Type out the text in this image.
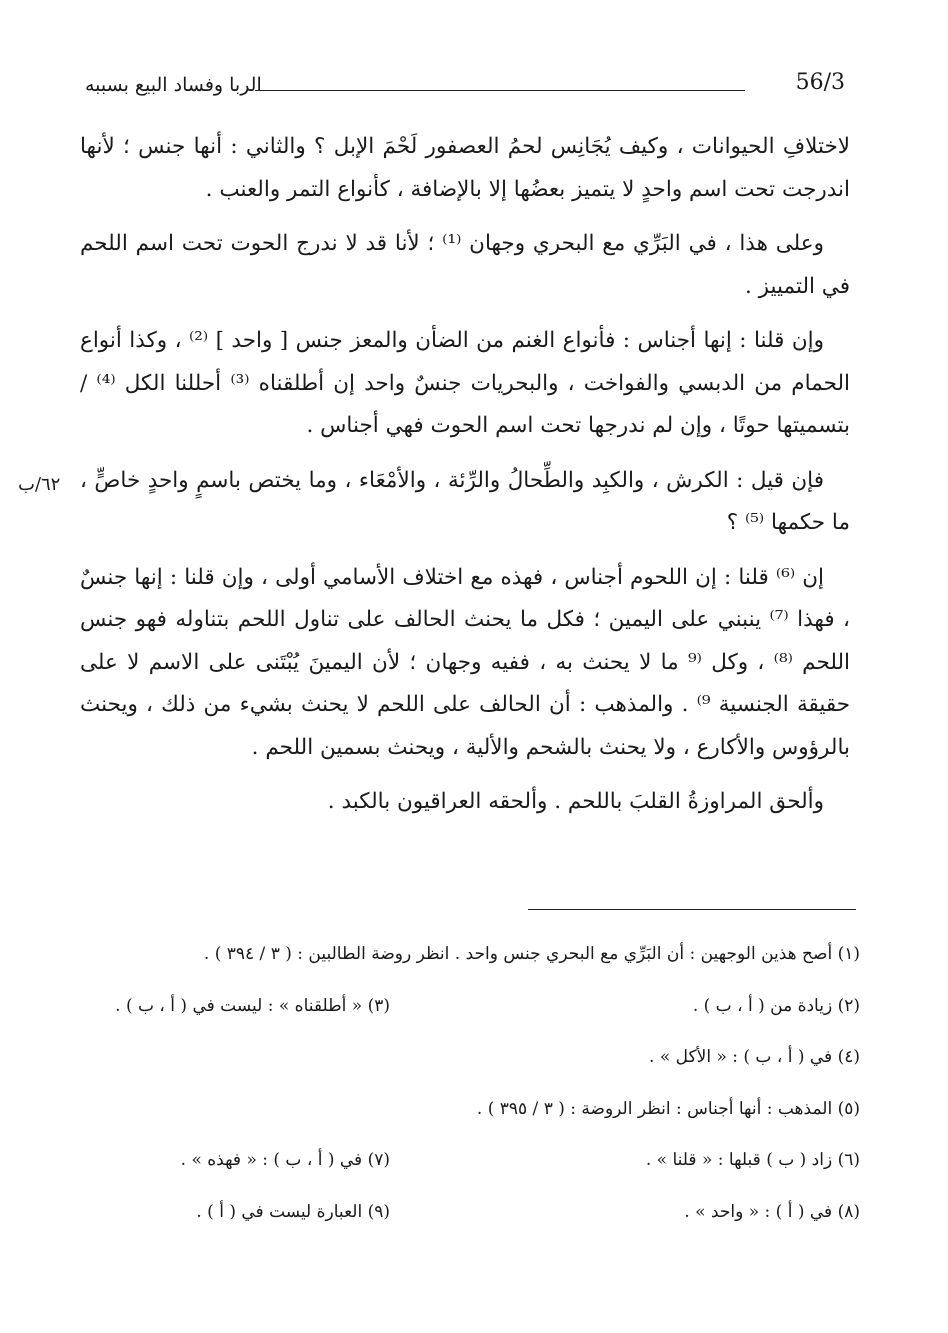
56/3
الربا وفساد البيع بسببه
٦٢/ب

لاختلافِ الحيوانات ، وكيف يُجَانِس لحمُ العصفور لَحْمَ الإبل ؟ والثاني : أنها جنس ؛ لأنها اندرجت تحت اسم واحدٍ لا يتميز بعضُها إلا بالإضافة ، كأنواع التمر والعنب .

وعلى هذا ، في البَرِّي مع البحري وجهان ⁽¹⁾ ؛ لأنا قد لا ندرج الحوت تحت اسم اللحم في التمييز .

وإن قلنا : إنها أجناس : فأنواع الغنم من الضأن والمعز جنس [ واحد ] ⁽²⁾ ، وكذا أنواع الحمام من الدبسي والفواخت ، والبحريات جنسٌ واحد إن أطلقناه ⁽³⁾ أحللنا الكل ⁽⁴⁾ / بتسميتها حوتًا ، وإن لم ندرجها تحت اسم الحوت فهي أجناس .

فإن قيل : الكرش ، والكبِد والطِّحالُ والرِّئة ، والأمْعَاء ، وما يختص باسمٍ واحدٍ خاصٍّ ، ما حكمها ⁽⁵⁾ ؟

إن ⁽⁶⁾ قلنا : إن اللحوم أجناس ، فهذه مع اختلاف الأسامي أولى ، وإن قلنا : إنها جنسٌ ، فهذا ⁽⁷⁾ ينبني على اليمين ؛ فكل ما يحنث الحالف على تناول اللحم بتناوله فهو جنس اللحم ⁽⁸⁾ ، وكل ⁽⁹ ما لا يحنث به ، ففيه وجهان ؛ لأن اليمينَ يُبْتَنى على الاسم لا على حقيقة الجنسية ⁹⁾ . والمذهب : أن الحالف على اللحم لا يحنث بشيء من ذلك ، ويحنث بالرؤوس والأكارع ، ولا يحنث بالشحم والألية ، ويحنث بسمين اللحم .

وألحق المراوزةُ القلبَ باللحم . وألحقه العراقيون بالكبد .

(١) أصح هذين الوجهين : أن البَرِّي مع البحري جنس واحد . انظر روضة الطالبين : ( ٣ / ٣٩٤ ) .
(٢) زيادة من ( أ ، ب ) .
(٣) « أطلقناه » : ليست في ( أ ، ب ) .
(٤) في ( أ ، ب ) : « الأكل » .
(٥) المذهب : أنها أجناس : انظر الروضة : ( ٣ / ٣٩٥ ) .
(٦) زاد ( ب ) قبلها : « قلنا » .
(٧) في ( أ ، ب ) : « فهذه » .
(٨) في ( أ ) : « واحد » .
(٩) العبارة ليست في ( أ ) .
